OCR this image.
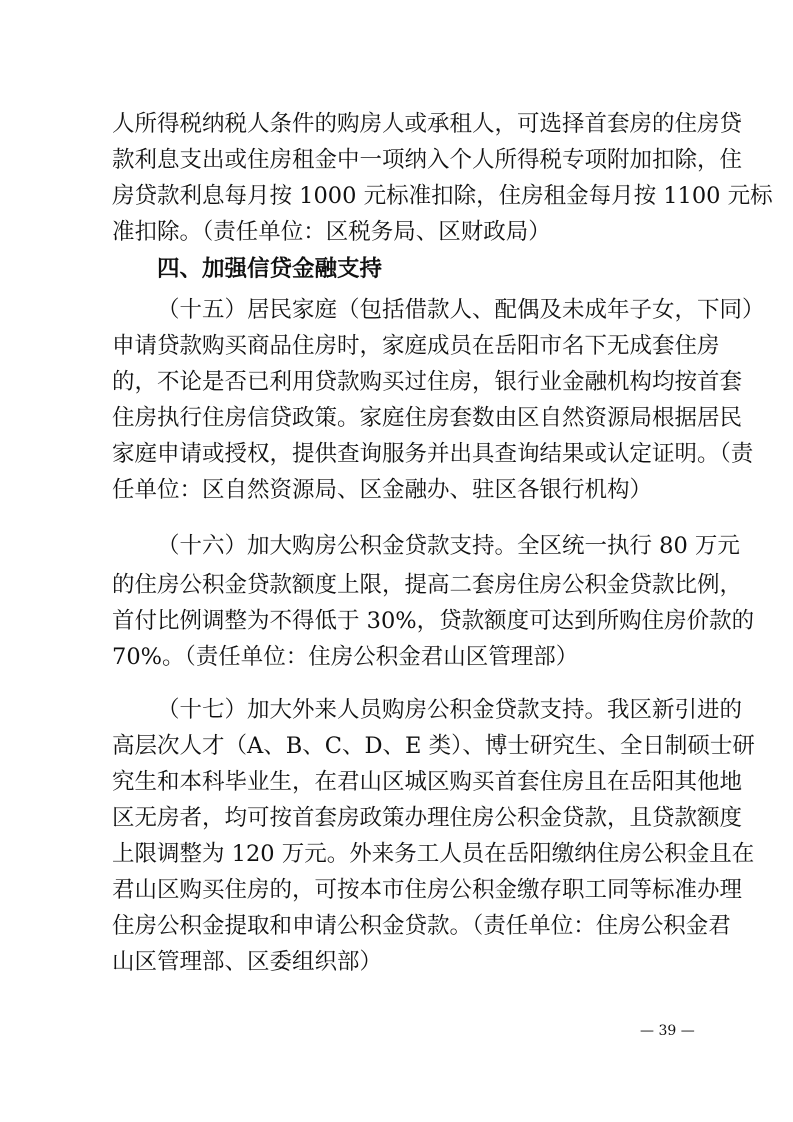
人所得税纳税人条件的购房人或承租人，可选择首套房的住房贷
款利息支出或住房租金中一项纳入个人所得税专项附加扣除，住
房贷款利息每月按 1000 元标准扣除，住房租金每月按 1100 元标
准扣除。（责任单位：区税务局、区财政局）
四、加强信贷金融支持
（十五）居民家庭（包括借款人、配偶及未成年子女，下同）
申请贷款购买商品住房时，家庭成员在岳阳市名下无成套住房
的，不论是否已利用贷款购买过住房，银行业金融机构均按首套
住房执行住房信贷政策。家庭住房套数由区自然资源局根据居民
家庭申请或授权，提供查询服务并出具查询结果或认定证明。（责
任单位：区自然资源局、区金融办、驻区各银行机构）
（十六）加大购房公积金贷款支持。全区统一执行 80 万元
的住房公积金贷款额度上限，提高二套房住房公积金贷款比例，
首付比例调整为不得低于 30%，贷款额度可达到所购住房价款的
70%。（责任单位：住房公积金君山区管理部）
（十七）加大外来人员购房公积金贷款支持。我区新引进的
高层次人才（A、B、C、D、E 类）、博士研究生、全日制硕士研
究生和本科毕业生，在君山区城区购买首套住房且在岳阳其他地
区无房者，均可按首套房政策办理住房公积金贷款，且贷款额度
上限调整为 120 万元。外来务工人员在岳阳缴纳住房公积金且在
君山区购买住房的，可按本市住房公积金缴存职工同等标准办理
住房公积金提取和申请公积金贷款。（责任单位：住房公积金君
山区管理部、区委组织部）
— 39 —
